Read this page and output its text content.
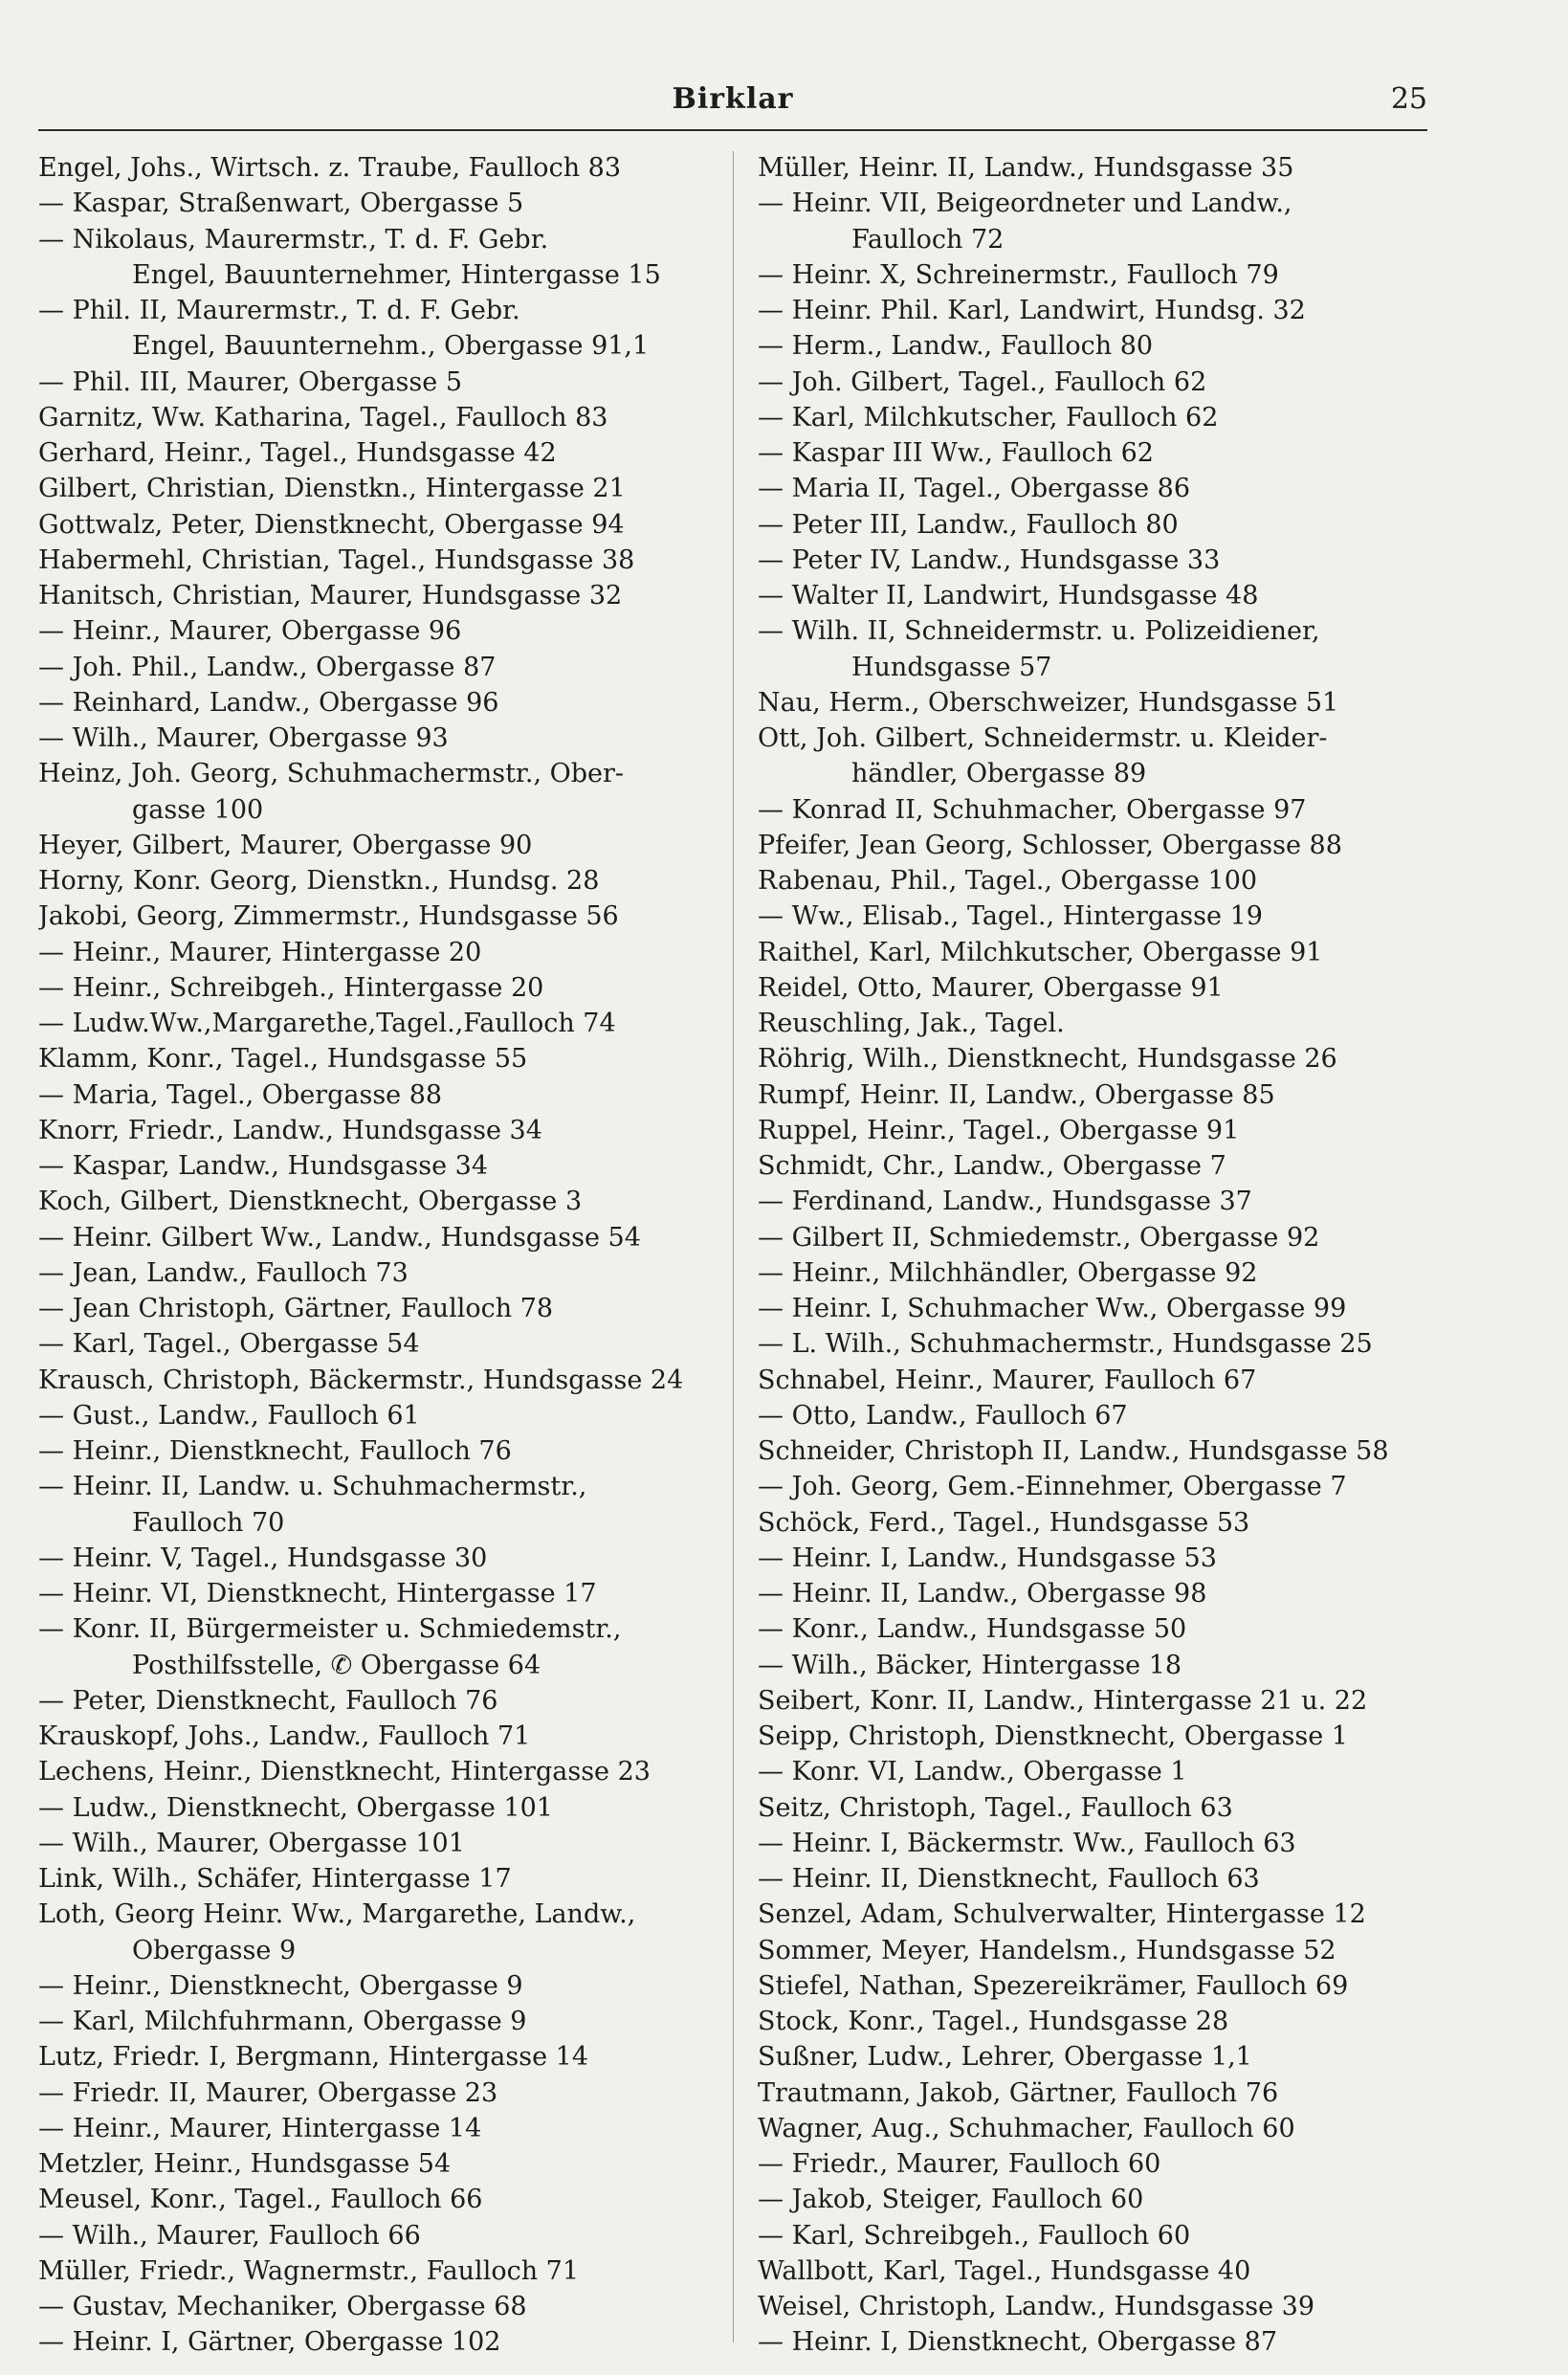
Birklar	25
Engel, Johs., Wirtsch. z. Traube, Faulloch 83
— Kaspar, Straßenwart, Obergasse 5
— Nikolaus, Maurermstr., T. d. F. Gebr.
Engel, Bauunternehmer, Hintergasse 15
— Phil. II, Maurermstr., T. d. F. Gebr.
Engel, Bauunternehm., Obergasse 91,1
— Phil. III, Maurer, Obergasse 5
Garnitz, Ww. Katharina, Tagel., Faulloch 83
Gerhard, Heinr., Tagel., Hundsgasse 42
Gilbert, Christian, Dienstkn., Hintergasse 21
Gottwalz, Peter, Dienstknecht, Obergasse 94
Habermehl, Christian, Tagel., Hundsgasse 38
Hanitsch, Christian, Maurer, Hundsgasse 32
— Heinr., Maurer, Obergasse 96
— Joh. Phil., Landw., Obergasse 87
— Reinhard, Landw., Obergasse 96
— Wilh., Maurer, Obergasse 93
Heinz, Joh. Georg, Schuhmachermstr., Ober-
gasse 100
Heyer, Gilbert, Maurer, Obergasse 90
Horny, Konr. Georg, Dienstkn., Hundsg. 28
Jakobi, Georg, Zimmermstr., Hundsgasse 56
— Heinr., Maurer, Hintergasse 20
— Heinr., Schreibgeh., Hintergasse 20
— Ludw.Ww.,Margarethe,Tagel.,Faulloch 74
Klamm, Konr., Tagel., Hundsgasse 55
— Maria, Tagel., Obergasse 88
Knorr, Friedr., Landw., Hundsgasse 34
— Kaspar, Landw., Hundsgasse 34
Koch, Gilbert, Dienstknecht, Obergasse 3
— Heinr. Gilbert Ww., Landw., Hundsgasse 54
— Jean, Landw., Faulloch 73
— Jean Christoph, Gärtner, Faulloch 78
— Karl, Tagel., Obergasse 54
Krausch, Christoph, Bäckermstr., Hundsgasse 24
— Gust., Landw., Faulloch 61
— Heinr., Dienstknecht, Faulloch 76
— Heinr. II, Landw. u. Schuhmachermstr.,
Faulloch 70
— Heinr. V, Tagel., Hundsgasse 30
— Heinr. VI, Dienstknecht, Hintergasse 17
— Konr. II, Bürgermeister u. Schmiedemstr.,
Posthilfsstelle, ✆ Obergasse 64
— Peter, Dienstknecht, Faulloch 76
Krauskopf, Johs., Landw., Faulloch 71
Lechens, Heinr., Dienstknecht, Hintergasse 23
— Ludw., Dienstknecht, Obergasse 101
— Wilh., Maurer, Obergasse 101
Link, Wilh., Schäfer, Hintergasse 17
Loth, Georg Heinr. Ww., Margarethe, Landw.,
Obergasse 9
— Heinr., Dienstknecht, Obergasse 9
— Karl, Milchfuhrmann, Obergasse 9
Lutz, Friedr. I, Bergmann, Hintergasse 14
— Friedr. II, Maurer, Obergasse 23
— Heinr., Maurer, Hintergasse 14
Metzler, Heinr., Hundsgasse 54
Meusel, Konr., Tagel., Faulloch 66
— Wilh., Maurer, Faulloch 66
Müller, Friedr., Wagnermstr., Faulloch 71
— Gustav, Mechaniker, Obergasse 68
— Heinr. I, Gärtner, Obergasse 102
Müller, Heinr. II, Landw., Hundsgasse 35
— Heinr. VII, Beigeordneter und Landw.,
Faulloch 72
— Heinr. X, Schreinermstr., Faulloch 79
— Heinr. Phil. Karl, Landwirt, Hundsg. 32
— Herm., Landw., Faulloch 80
— Joh. Gilbert, Tagel., Faulloch 62
— Karl, Milchkutscher, Faulloch 62
— Kaspar III Ww., Faulloch 62
— Maria II, Tagel., Obergasse 86
— Peter III, Landw., Faulloch 80
— Peter IV, Landw., Hundsgasse 33
— Walter II, Landwirt, Hundsgasse 48
— Wilh. II, Schneidermstr. u. Polizeidiener,
Hundsgasse 57
Nau, Herm., Oberschweizer, Hundsgasse 51
Ott, Joh. Gilbert, Schneidermstr. u. Kleider-
händler, Obergasse 89
— Konrad II, Schuhmacher, Obergasse 97
Pfeifer, Jean Georg, Schlosser, Obergasse 88
Rabenau, Phil., Tagel., Obergasse 100
— Ww., Elisab., Tagel., Hintergasse 19
Raithel, Karl, Milchkutscher, Obergasse 91
Reidel, Otto, Maurer, Obergasse 91
Reuschling, Jak., Tagel.
Röhrig, Wilh., Dienstknecht, Hundsgasse 26
Rumpf, Heinr. II, Landw., Obergasse 85
Ruppel, Heinr., Tagel., Obergasse 91
Schmidt, Chr., Landw., Obergasse 7
— Ferdinand, Landw., Hundsgasse 37
— Gilbert II, Schmiedemstr., Obergasse 92
— Heinr., Milchhändler, Obergasse 92
— Heinr. I, Schuhmacher Ww., Obergasse 99
— L. Wilh., Schuhmachermstr., Hundsgasse 25
Schnabel, Heinr., Maurer, Faulloch 67
— Otto, Landw., Faulloch 67
Schneider, Christoph II, Landw., Hundsgasse 58
— Joh. Georg, Gem.-Einnehmer, Obergasse 7
Schöck, Ferd., Tagel., Hundsgasse 53
— Heinr. I, Landw., Hundsgasse 53
— Heinr. II, Landw., Obergasse 98
— Konr., Landw., Hundsgasse 50
— Wilh., Bäcker, Hintergasse 18
Seibert, Konr. II, Landw., Hintergasse 21 u. 22
Seipp, Christoph, Dienstknecht, Obergasse 1
— Konr. VI, Landw., Obergasse 1
Seitz, Christoph, Tagel., Faulloch 63
— Heinr. I, Bäckermstr. Ww., Faulloch 63
— Heinr. II, Dienstknecht, Faulloch 63
Senzel, Adam, Schulverwalter, Hintergasse 12
Sommer, Meyer, Handelsm., Hundsgasse 52
Stiefel, Nathan, Spezereikrämer, Faulloch 69
Stock, Konr., Tagel., Hundsgasse 28
Sußner, Ludw., Lehrer, Obergasse 1,1
Trautmann, Jakob, Gärtner, Faulloch 76
Wagner, Aug., Schuhmacher, Faulloch 60
— Friedr., Maurer, Faulloch 60
— Jakob, Steiger, Faulloch 60
— Karl, Schreibgeh., Faulloch 60
Wallbott, Karl, Tagel., Hundsgasse 40
Weisel, Christoph, Landw., Hundsgasse 39
— Heinr. I, Dienstknecht, Obergasse 87
